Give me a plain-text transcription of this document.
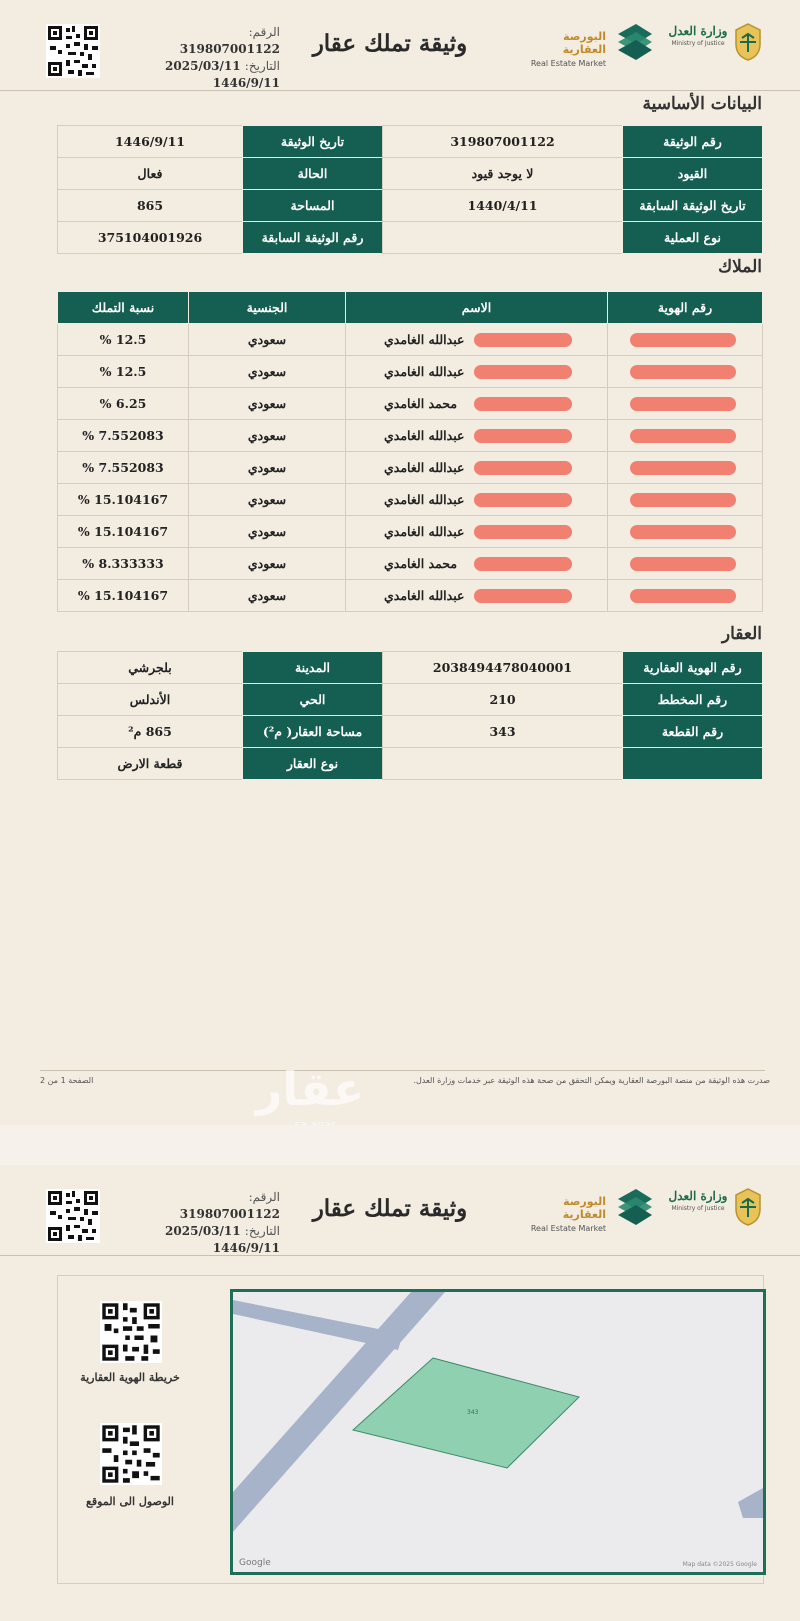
الرقم: 319807001122
التاريخ: 2025/03/11
1446/9/11
وثيقة تملك عقار	البورصة العقارية
Real Estate Market
وزارة العدل
Ministry of Justice
البيانات الأساسية
رقم الوثيقة	319807001122	تاريخ الوثيقة	1446/9/11
القيود	لا يوجد قيود	الحالة	فعال
تاريخ الوثيقة السابقة	1440/4/11	المساحة	865
نوع العملية		رقم الوثيقة السابقة	375104001926
الملاك
رقم الهوية	الاسم	الجنسية	نسبة التملك

	عبدالله الغامدي	سعودي	12.5 %

	عبدالله الغامدي	سعودي	12.5 %

	محمد الغامدي	سعودي	6.25 %

	عبدالله الغامدي	سعودي	7.552083 %

	عبدالله الغامدي	سعودي	7.552083 %

	عبدالله الغامدي	سعودي	15.104167 %

	عبدالله الغامدي	سعودي	15.104167 %

	محمد الغامدي	سعودي	8.333333 %

	عبدالله الغامدي	سعودي	15.104167 %
العقار
رقم الهوية العقارية	2038494478040001	المدينة	بلجرشي
رقم المخطط	210	الحي	الأندلس
رقم القطعة	343	مساحة العقار( م²)	865 م²
		نوع العقار	قطعة الارض
صدرت هذه الوثيقة من منصة البورصة العقارية ويمكن التحقق من صحة هذه الوثيقة عبر خدمات وزارة العدل.
الصفحة 1 من 2	عقار
الرقم: 319807001122
التاريخ: 2025/03/11
1446/9/11
وثيقة تملك عقار	البورصة العقارية
Real Estate Market
وزارة العدل
Ministry of Justice
خريطة الهوية العقارية
الوصول الى الموقع
343
Google	Map data ©2025 Google
